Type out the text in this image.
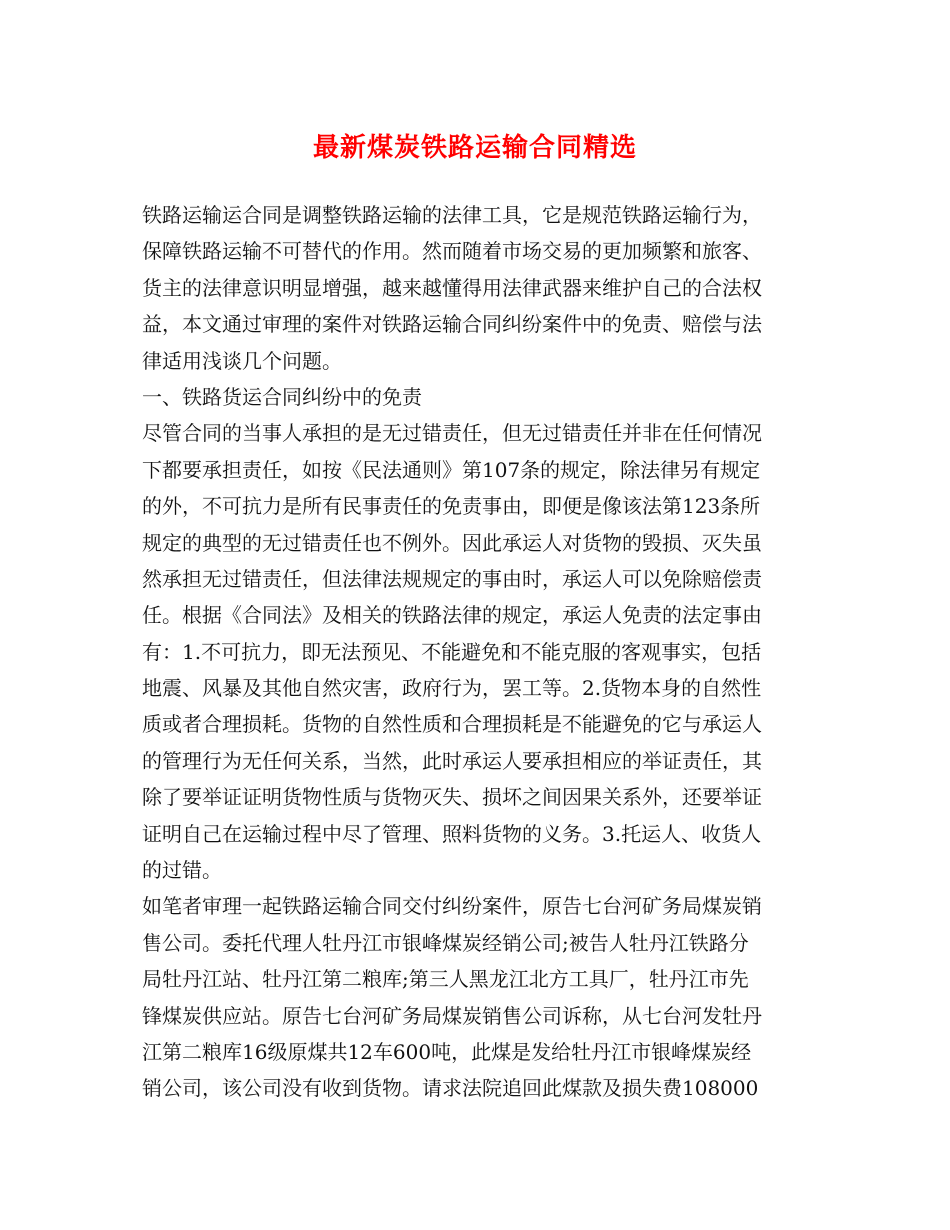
最新煤炭铁路运输合同精选
铁路运输运合同是调整铁路运输的法律工具，它是规范铁路运输行为，
保障铁路运输不可替代的作用。然而随着市场交易的更加频繁和旅客、
货主的法律意识明显增强，越来越懂得用法律武器来维护自己的合法权
益，本文通过审理的案件对铁路运输合同纠纷案件中的免责、赔偿与法
律适用浅谈几个问题。
一、铁路货运合同纠纷中的免责
尽管合同的当事人承担的是无过错责任，但无过错责任并非在任何情况
下都要承担责任，如按《民法通则》第107条的规定，除法律另有规定
的外，不可抗力是所有民事责任的免责事由，即便是像该法第123条所
规定的典型的无过错责任也不例外。因此承运人对货物的毁损、灭失虽
然承担无过错责任，但法律法规规定的事由时，承运人可以免除赔偿责
任。根据《合同法》及相关的铁路法律的规定，承运人免责的法定事由
有：1.不可抗力，即无法预见、不能避免和不能克服的客观事实，包括
地震、风暴及其他自然灾害，政府行为，罢工等。2.货物本身的自然性
质或者合理损耗。货物的自然性质和合理损耗是不能避免的它与承运人
的管理行为无任何关系，当然，此时承运人要承担相应的举证责任，其
除了要举证证明货物性质与货物灭失、损坏之间因果关系外，还要举证
证明自己在运输过程中尽了管理、照料货物的义务。3.托运人、收货人
的过错。
如笔者审理一起铁路运输合同交付纠纷案件，原告七台河矿务局煤炭销
售公司。委托代理人牡丹江市银峰煤炭经销公司;被告人牡丹江铁路分
局牡丹江站、牡丹江第二粮库;第三人黑龙江北方工具厂，牡丹江市先
锋煤炭供应站。原告七台河矿务局煤炭销售公司诉称，从七台河发牡丹
江第二粮库16级原煤共12车600吨，此煤是发给牡丹江市银峰煤炭经
销公司，该公司没有收到货物。请求法院追回此煤款及损失费108000
